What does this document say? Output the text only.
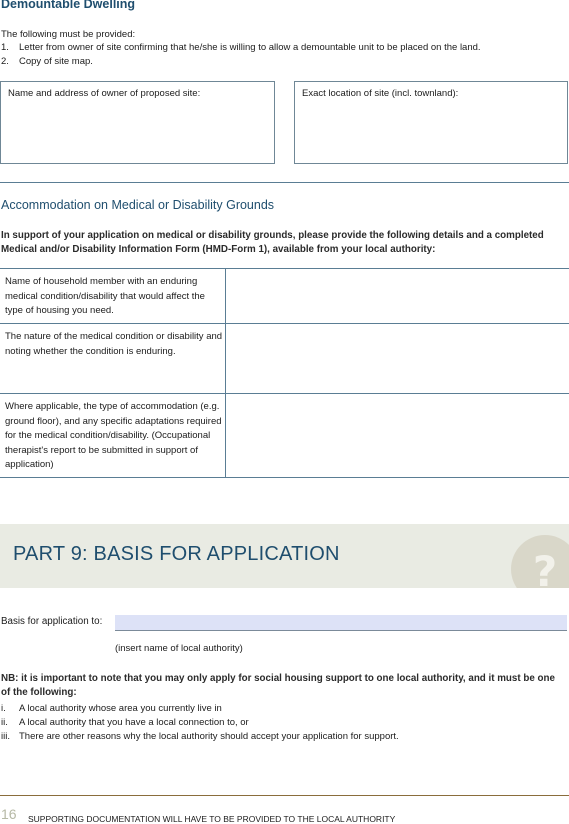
Demountable Dwelling
The following must be provided:
1. Letter from owner of site confirming that he/she is willing to allow a demountable unit to be placed on the land.
2. Copy of site map.
Name and address of owner of proposed site:	Exact location of site (incl. townland):
Accommodation on Medical or Disability Grounds
In support of your application on medical or disability grounds, please provide the following details and a completed Medical and/or Disability Information Form (HMD-Form 1), available from your local authority:
Name of household member with an enduring medical condition/disability that would affect the type of housing you need.
The nature of the medical condition or disability and noting whether the condition is enduring.
Where applicable, the type of accommodation (e.g. ground floor), and any specific adaptations required for the medical condition/disability. (Occupational therapist's report to be submitted in support of application)
PART 9: BASIS FOR APPLICATION	?
Basis for application to:
(insert name of local authority)
NB: it is important to note that you may only apply for social housing support to one local authority, and it must be one of the following:
i. A local authority whose area you currently live in
ii. A local authority that you have a local connection to, or
iii. There are other reasons why the local authority should accept your application for support.
16 SUPPORTING DOCUMENTATION WILL HAVE TO BE PROVIDED TO THE LOCAL AUTHORITY
